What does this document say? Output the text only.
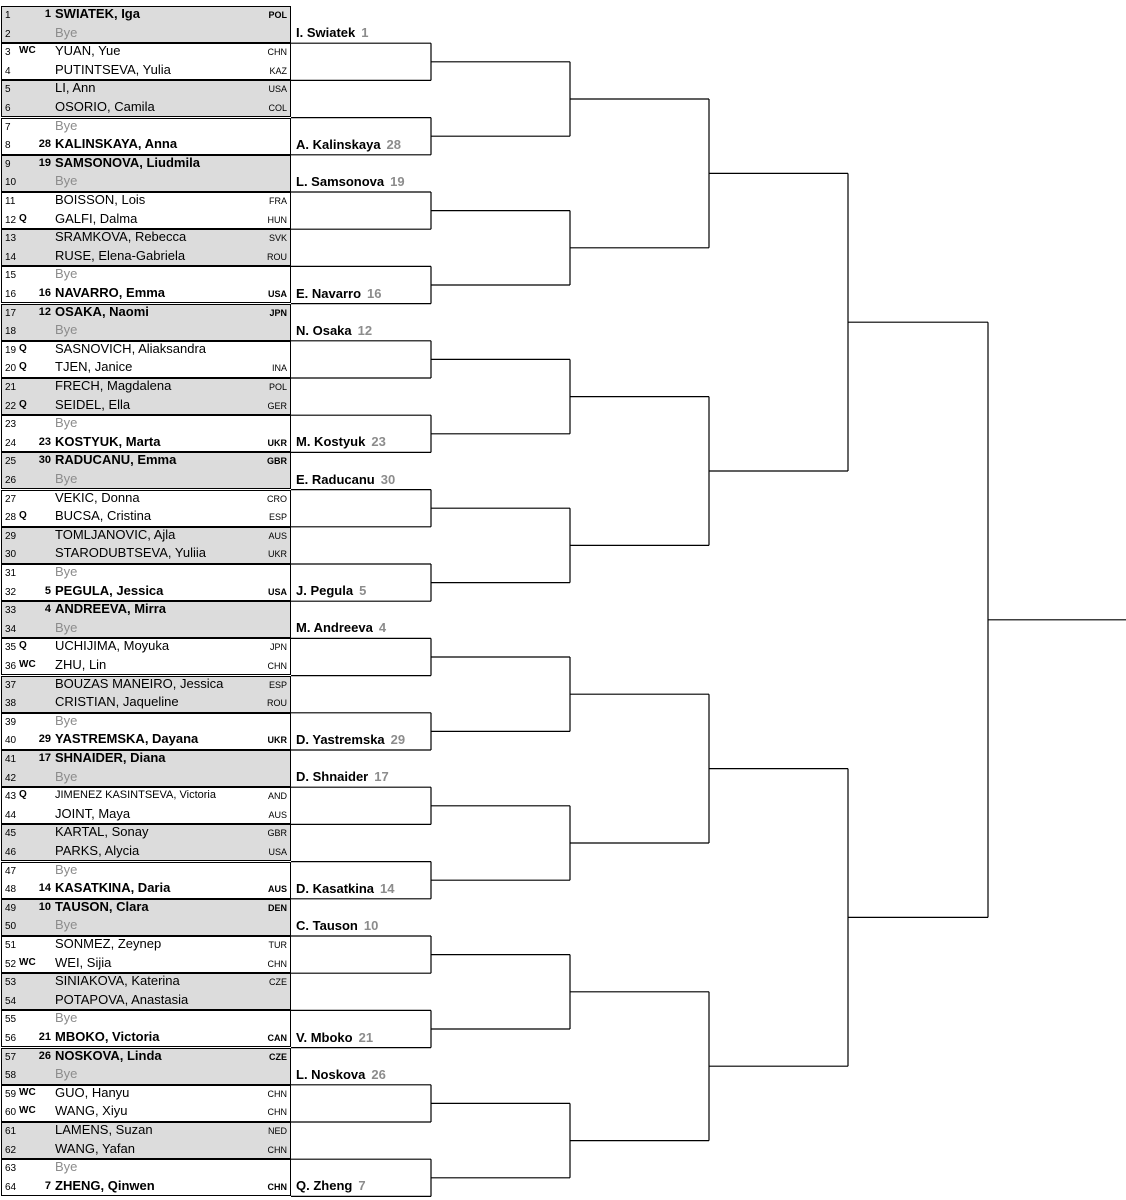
1	1 SWIATEK, Iga	POL
2	Bye
3 WC YUAN, Yue	CHN
4	PUTINTSEVA, Yulia	KAZ
5	LI, Ann	USA
6	OSORIO, Camila	COL
7	Bye
8	28 KALINSKAYA, Anna
9	19 SAMSONOVA, Liudmila
10	Bye
11	BOISSON, Lois	FRA
12 Q GALFI, Dalma	HUN
13	SRAMKOVA, Rebecca	SVK
14	RUSE, Elena-Gabriela	ROU
15	Bye
16	16 NAVARRO, Emma	USA
17	12 OSAKA, Naomi	JPN
18	Bye
19 Q SASNOVICH, Aliaksandra
20 Q TJEN, Janice	INA
21	FRECH, Magdalena	POL
22 Q SEIDEL, Ella	GER
23	Bye
24	23 KOSTYUK, Marta	UKR
25	30 RADUCANU, Emma	GBR
26	Bye
27	VEKIC, Donna	CRO
28 Q BUCSA, Cristina	ESP
29	TOMLJANOVIC, Ajla	AUS
30	STARODUBTSEVA, Yuliia	UKR
31	Bye
32	5 PEGULA, Jessica	USA
33	4 ANDREEVA, Mirra
34	Bye
35 Q UCHIJIMA, Moyuka	JPN
36 WC ZHU, Lin	CHN
37	BOUZAS MANEIRO, Jessica	ESP
38	CRISTIAN, Jaqueline	ROU
39	Bye
40	29 YASTREMSKA, Dayana	UKR
41	17 SHNAIDER, Diana
42	Bye
43 Q	JIMENEZ KASINTSEVA, Victoria	AND
44	JOINT, Maya	AUS
45	KARTAL, Sonay	GBR
46	PARKS, Alycia	USA
47	Bye
48	14 KASATKINA, Daria	AUS
49	10 TAUSON, Clara	DEN
50	Bye
51	SONMEZ, Zeynep	TUR
52 WC WEI, Sijia	CHN
53	SINIAKOVA, Katerina	CZE
54	POTAPOVA, Anastasia
55	Bye
56	21 MBOKO, Victoria	CAN
57	26 NOSKOVA, Linda	CZE
58	Bye
59 WC GUO, Hanyu	CHN
60 WC WANG, Xiyu	CHN
61	LAMENS, Suzan	NED
62	WANG, Yafan	CHN
63	Bye
64	7 ZHENG, Qinwen	CHN
I. Swiatek 1
A. Kalinskaya 28
L. Samsonova 19
E. Navarro 16
N. Osaka 12
M. Kostyuk 23
E. Raducanu 30
J. Pegula 5
M. Andreeva 4
D. Yastremska 29
D. Shnaider 17
D. Kasatkina 14
C. Tauson 10
V. Mboko 21
L. Noskova 26
Q. Zheng 7
